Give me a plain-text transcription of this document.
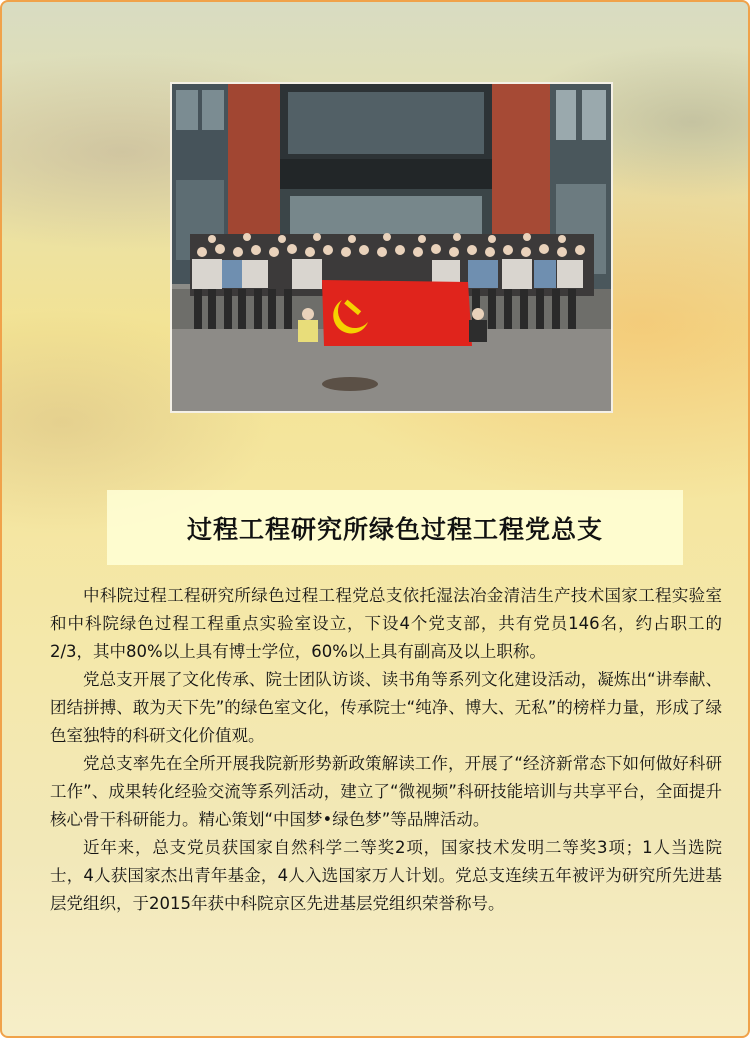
过程工程研究所绿色过程工程党总支

中科院过程工程研究所绿色过程工程党总支依托湿法冶金清洁生产技术国家工程实验室和中科院绿色过程工程重点实验室设立，下设4个党支部，共有党员146名，约占职工的2/3，其中80%以上具有博士学位，60%以上具有副高及以上职称。

党总支开展了文化传承、院士团队访谈、读书角等系列文化建设活动，凝炼出“讲奉献、团结拼搏、敢为天下先”的绿色室文化，传承院士“纯净、博大、无私”的榜样力量，形成了绿色室独特的科研文化价值观。

党总支率先在全所开展我院新形势新政策解读工作，开展了“经济新常态下如何做好科研工作”、成果转化经验交流等系列活动，建立了“微视频”科研技能培训与共享平台，全面提升核心骨干科研能力。精心策划“中国梦•绿色梦”等品牌活动。

近年来，总支党员获国家自然科学二等奖2项，国家技术发明二等奖3项；1人当选院士，4人获国家杰出青年基金，4人入选国家万人计划。党总支连续五年被评为研究所先进基层党组织，于2015年获中科院京区先进基层党组织荣誉称号。
